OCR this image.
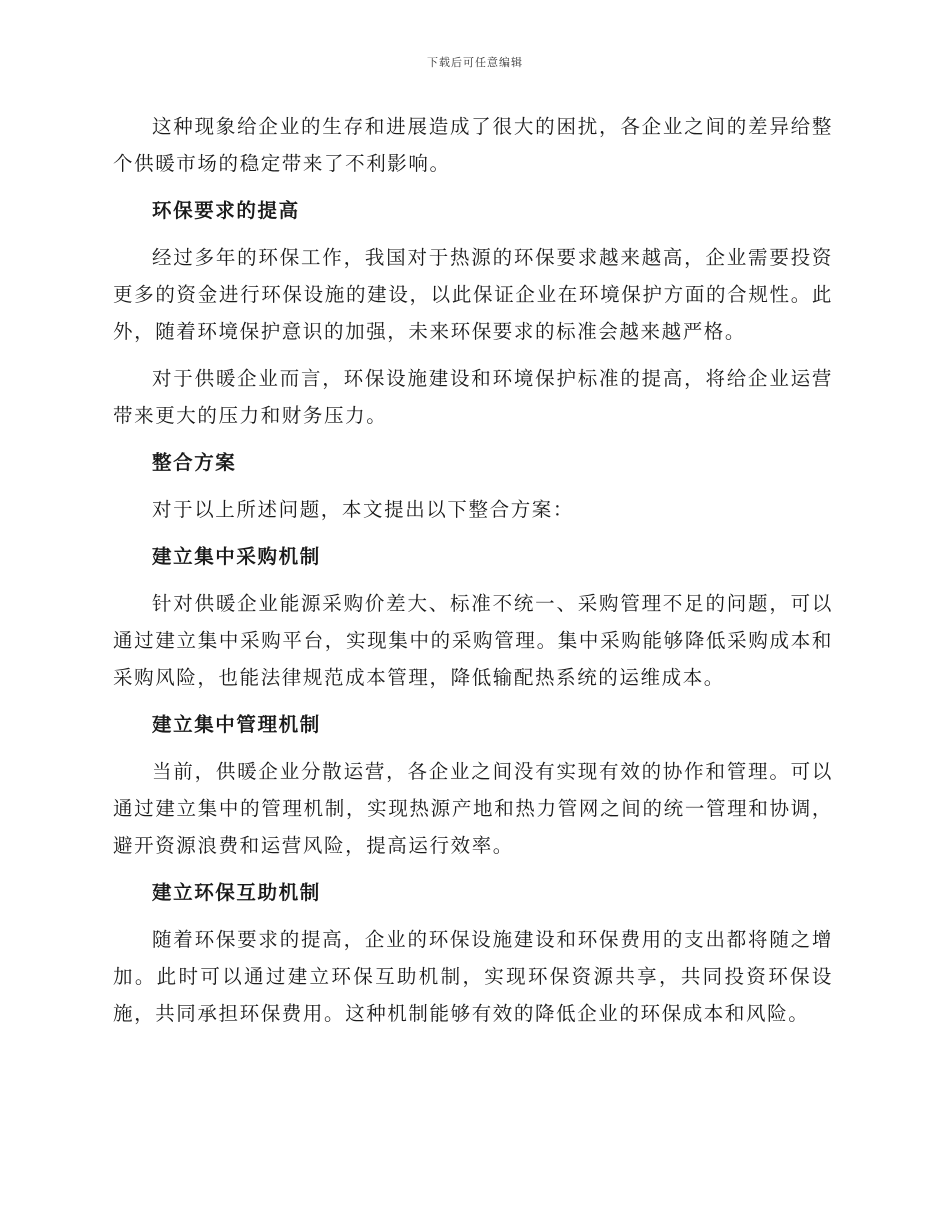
下载后可任意编辑

这种现象给企业的生存和进展造成了很大的困扰，各企业之间的差异给整个供暖市场的稳定带来了不利影响。

环保要求的提高

经过多年的环保工作，我国对于热源的环保要求越来越高，企业需要投资更多的资金进行环保设施的建设，以此保证企业在环境保护方面的合规性。此外，随着环境保护意识的加强，未来环保要求的标准会越来越严格。

对于供暖企业而言，环保设施建设和环境保护标准的提高，将给企业运营带来更大的压力和财务压力。

整合方案

对于以上所述问题，本文提出以下整合方案：

建立集中采购机制

针对供暖企业能源采购价差大、标准不统一、采购管理不足的问题，可以通过建立集中采购平台，实现集中的采购管理。集中采购能够降低采购成本和采购风险，也能法律规范成本管理，降低输配热系统的运维成本。

建立集中管理机制

当前，供暖企业分散运营，各企业之间没有实现有效的协作和管理。可以通过建立集中的管理机制，实现热源产地和热力管网之间的统一管理和协调，避开资源浪费和运营风险，提高运行效率。

建立环保互助机制

随着环保要求的提高，企业的环保设施建设和环保费用的支出都将随之增加。此时可以通过建立环保互助机制，实现环保资源共享，共同投资环保设施，共同承担环保费用。这种机制能够有效的降低企业的环保成本和风险。
